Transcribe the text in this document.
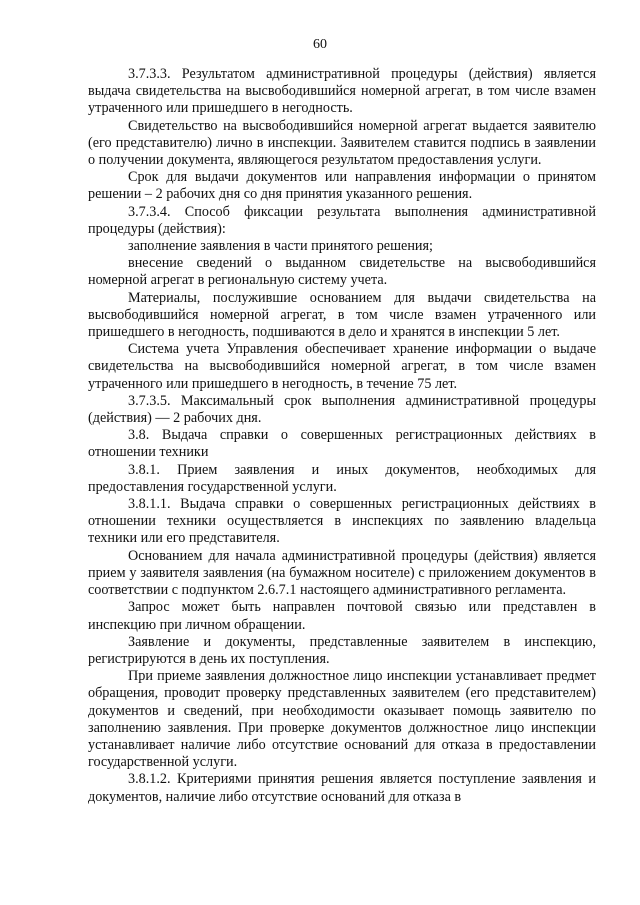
60

3.7.3.3. Результатом административной процедуры (действия) является выдача свидетельства на высвободившийся номерной агрегат, в том числе взамен утраченного или пришедшего в негодность.

Свидетельство на высвободившийся номерной агрегат выдается заявителю (его представителю) лично в инспекции. Заявителем ставится подпись в заявлении о получении документа, являющегося результатом предоставления услуги.

Срок для выдачи документов или направления информации о принятом решении – 2 рабочих дня со дня принятия указанного решения.

3.7.3.4. Способ фиксации результата выполнения административной процедуры (действия):

заполнение заявления в части принятого решения;

внесение сведений о выданном свидетельстве на высвободившийся номерной агрегат в региональную систему учета.

Материалы, послужившие основанием для выдачи свидетельства на высвободившийся номерной агрегат, в том числе взамен утраченного или пришедшего в негодность, подшиваются в дело и хранятся в инспекции 5 лет.

Система учета Управления обеспечивает хранение информации о выдаче свидетельства на высвободившийся номерной агрегат, в том числе взамен утраченного или пришедшего в негодность, в течение 75 лет.

3.7.3.5. Максимальный срок выполнения административной процедуры (действия) — 2 рабочих дня.

3.8. Выдача справки о совершенных регистрационных действиях в отношении техники

3.8.1. Прием заявления и иных документов, необходимых для предоставления государственной услуги.

3.8.1.1. Выдача справки о совершенных регистрационных действиях в отношении техники осуществляется в инспекциях по заявлению владельца техники или его представителя.

Основанием для начала административной процедуры (действия) является прием у заявителя заявления (на бумажном носителе) с приложением документов в соответствии с подпунктом 2.6.7.1 настоящего административного регламента.

Запрос может быть направлен почтовой связью или представлен в инспекцию при личном обращении.

Заявление и документы, представленные заявителем в инспекцию, регистрируются в день их поступления.

При приеме заявления должностное лицо инспекции устанавливает предмет обращения, проводит проверку представленных заявителем (его представителем) документов и сведений, при необходимости оказывает помощь заявителю по заполнению заявления. При проверке документов должностное лицо инспекции устанавливает наличие либо отсутствие оснований для отказа в предоставлении государственной услуги.

3.8.1.2. Критериями принятия решения является поступление заявления и документов, наличие либо отсутствие оснований для отказа в
